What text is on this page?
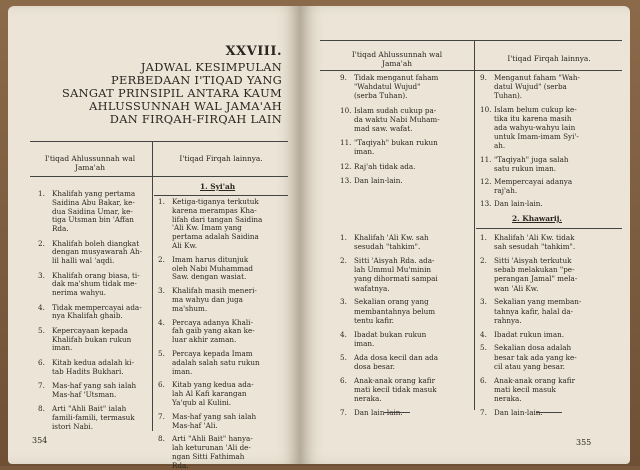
XXVIII.
JADWAL KESIMPULAN
PERBEDAAN I'TIQAD YANG
SANGAT PRINSIPIL ANTARA KAUM
AHLUSSUNNAH WAL JAMA'AH
DAN FIRQAH-FIRQAH LAIN
I'tiqad Ahlussunnah wal
Jama'ah
I'tiqad Firqah lainnya.
1. Syi'ah
1. Khalifah yang pertama
Saidina Abu Bakar, ke-
dua Saidina Umar, ke-
tiga Utsman bin 'Affan
Rda.
2. Khalifah boleh diangkat
dengan musyawarah Ah-
lil halli wal 'aqdi.
3. Khalifah orang biasa, ti-
dak ma'shum tidak me-
nerima wahyu.
4. Tidak mempercayai ada-
nya Khalifah ghaib.
5. Kepercayaan kepada
Khalifah bukan rukun
iman.
6. Kitab kedua adalah ki-
tab Hadits Bukhari.
7. Mas-haf yang sah ialah
Mas-haf 'Utsman.
8. Arti "Ahli Bait" ialah
famili-famili, termasuk
istori Nabi.
1. Ketiga-tiganya terkutuk
karena merampas Kha-
lifah dari tangan Saidina
'Ali Kw. Imam yang
pertama adalah Saidina
Ali Kw.
2. Imam harus ditunjuk
oleh Nabi Muhammad
Saw. dengan wasiat.
3. Khalifah masih meneri-
ma wahyu dan juga
ma'shum.
4. Percaya adanya Khali-
fah gaib yang akan ke-
luar akhir zaman.
5. Percaya kepada Imam
adalah salah satu rukun
iman.
6. Kitab yang kedua ada-
lah Al Kafi karangan
Ya'qub al Kulini.
7. Mas-haf yang sah ialah
Mas-haf 'Ali.
8. Arti "Ahli Bait" hanya-
lah keturunan 'Ali de-
ngan Sitti Fathimah
Rda.
354
I'tiqad Ahlussunnah wal
Jama'ah
I'tiqad Firqah lainnya.
2. Khawarij.
9. Tidak menganut faham
"Wahdatul Wujud"
(serba Tuhan).
10. Islam sudah cukup pa-
da waktu Nabi Muham-
mad saw. wafat.
11. "Taqiyah" bukan rukun
iman.
12. Raj'ah tidak ada.
13. Dan lain-lain.
9. Menganut faham "Wah-
datul Wujud" (serba
Tuhan).
10. Islam belum cukup ke-
tika itu karena masih
ada wahyu-wahyu lain
untuk Imam-imam Syi'-
ah.
11. "Taqiyah" juga salah
satu rukun iman.
12. Mempercayai adanya
raj'ah.
13. Dan lain-lain.
1. Khalifah 'Ali Kw. sah
sesudah "tahkim".
2. Sitti 'Aisyah Rda. ada-
lah Ummul Mu'minin
yang dihormati sampai
wafatnya.
3. Sekalian orang yang
membantahnya belum
tentu kafir.
4. Ibadat bukan rukun
iman.
5. Ada dosa kecil dan ada
dosa besar.
6. Anak-anak orang kafir
mati kecil tidak masuk
neraka.
7. Dan lain-lain.
1. Khalifah 'Ali Kw. tidak
sah sesudah "tahkim".
2. Sitti 'Aisyah terkutuk
sebab melakukan "pe-
perangan Jamal" mela-
wan 'Ali Kw.
3. Sekalian yang memban-
tahnya kafir, halal da-
rahnya.
4. Ibadat rukun iman.
5. Sekalian dosa adalah
besar tak ada yang ke-
cil atau yang besar.
6. Anak-anak orang kafir
mati kecil masuk
neraka.
7. Dan lain-lain.
355
